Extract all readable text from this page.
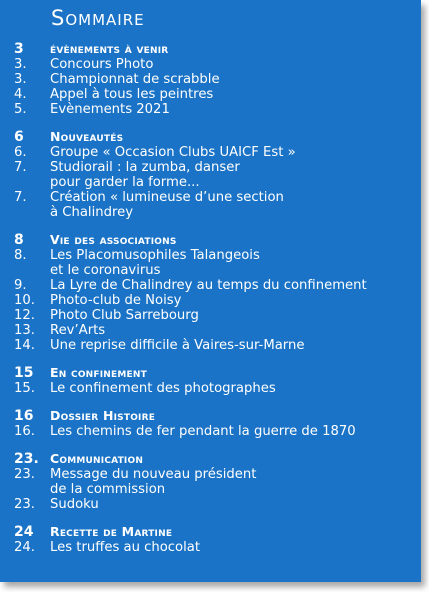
Sommaire
3	évènements à venir
3.	Concours Photo
3.	Championnat de scrabble
4.	Appel à tous les peintres
5.	Evènements 2021
6	Nouveautés
6.	Groupe « Occasion Clubs UAICF Est »
7.	Studiorail : la zumba, danser
pour garder la forme...
7.	Création « lumineuse d’une section
à Chalindrey
8	Vie des associations
8.	Les Placomusophiles Talangeois
et le coronavirus
9.	La Lyre de Chalindrey au temps du confinement
10.	Photo-club de Noisy
12.	Photo Club Sarrebourg
13.	Rev’Arts
14.	Une reprise difficile à Vaires-sur-Marne
15	En confinement
15.	Le confinement des photographes
16	Dossier Histoire
16.	Les chemins de fer pendant la guerre de 1870
23. Communication
23.	Message du nouveau président
de la commission
23.	Sudoku
24	Recette de Martine
24.	Les truffes au chocolat
